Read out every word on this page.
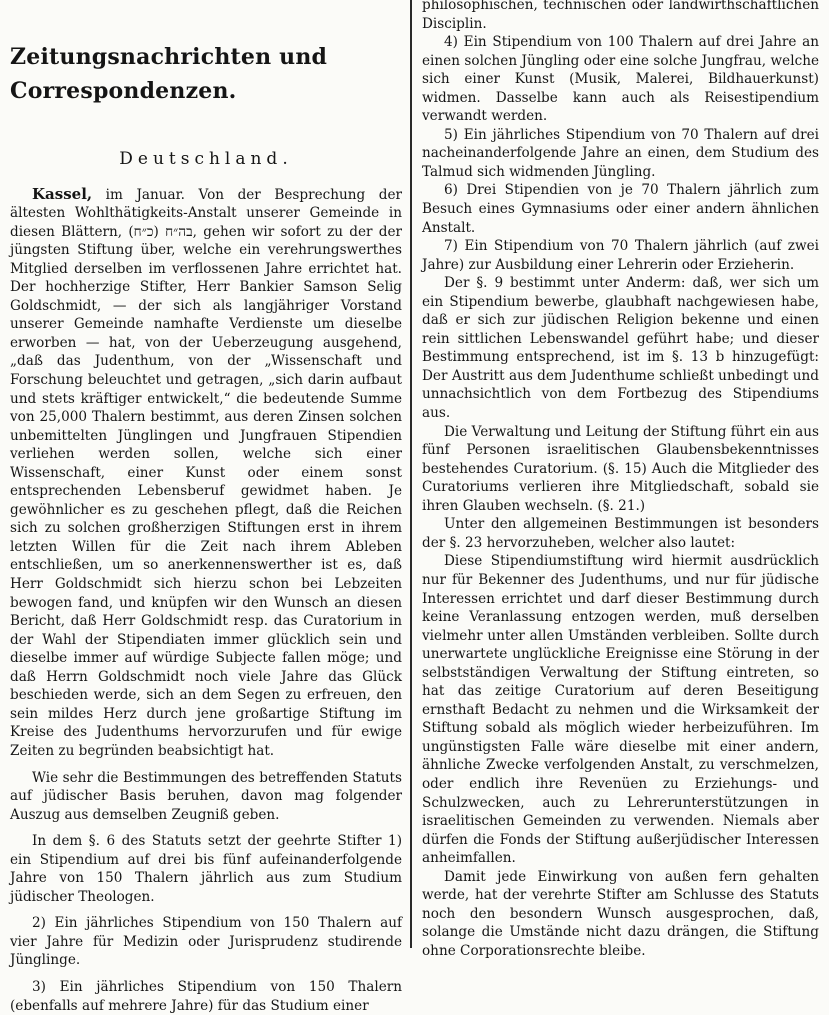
Zeitungsnachrichten und Correspondenzen.
Deutschland.

Kassel, im Januar. Von der Besprechung der ältesten Wohlthätigkeits-Anstalt unserer Gemeinde in diesen Blättern, בה״ח (כ״ח), gehen wir sofort zu der der jüngsten Stiftung über, welche ein verehrungswerthes Mitglied derselben im verflossenen Jahre errichtet hat. Der hochherzige Stifter, Herr Bankier Samson Selig Goldschmidt, — der sich als langjähriger Vorstand unserer Gemeinde namhafte Verdienste um dieselbe erworben — hat, von der Ueberzeugung ausgehend, „daß das Judenthum, von der „Wissenschaft und Forschung beleuchtet und getragen, „sich darin aufbaut und stets kräftiger entwickelt,“ die bedeutende Summe von 25,000 Thalern bestimmt, aus deren Zinsen solchen unbemittelten Jünglingen und Jungfrauen Stipendien verliehen werden sollen, welche sich einer Wissenschaft, einer Kunst oder einem sonst entsprechenden Lebensberuf gewidmet haben. Je gewöhnlicher es zu geschehen pflegt, daß die Reichen sich zu solchen großherzigen Stiftungen erst in ihrem letzten Willen für die Zeit nach ihrem Ableben entschließen, um so anerkennenswerther ist es, daß Herr Goldschmidt sich hierzu schon bei Lebzeiten bewogen fand, und knüpfen wir den Wunsch an diesen Bericht, daß Herr Goldschmidt resp. das Curatorium in der Wahl der Stipendiaten immer glücklich sein und dieselbe immer auf würdige Subjecte fallen möge; und daß Herrn Goldschmidt noch viele Jahre das Glück beschieden werde, sich an dem Segen zu erfreuen, den sein mildes Herz durch jene großartige Stiftung im Kreise des Judenthums hervorzurufen und für ewige Zeiten zu begründen beabsichtigt hat.

Wie sehr die Bestimmungen des betreffenden Statuts auf jüdischer Basis beruhen, davon mag folgender Auszug aus demselben Zeugniß geben.

In dem §. 6 des Statuts setzt der geehrte Stifter 1) ein Stipendium auf drei bis fünf aufeinanderfolgende Jahre von 150 Thalern jährlich aus zum Studium jüdischer Theologen.

2) Ein jährliches Stipendium von 150 Thalern auf vier Jahre für Medizin oder Jurisprudenz studirende Jünglinge.

3) Ein jährliches Stipendium von 150 Thalern (ebenfalls auf mehrere Jahre) für das Studium einer

philosophischen, technischen oder landwirthschaftlichen Disciplin.

4) Ein Stipendium von 100 Thalern auf drei Jahre an einen solchen Jüngling oder eine solche Jungfrau, welche sich einer Kunst (Musik, Malerei, Bildhauerkunst) widmen. Dasselbe kann auch als Reisestipendium verwandt werden.

5) Ein jährliches Stipendium von 70 Thalern auf drei nacheinanderfolgende Jahre an einen, dem Studium des Talmud sich widmenden Jüngling.

6) Drei Stipendien von je 70 Thalern jährlich zum Besuch eines Gymnasiums oder einer andern ähnlichen Anstalt.

7) Ein Stipendium von 70 Thalern jährlich (auf zwei Jahre) zur Ausbildung einer Lehrerin oder Erzieherin.

Der §. 9 bestimmt unter Anderm: daß, wer sich um ein Stipendium bewerbe, glaubhaft nachgewiesen habe, daß er sich zur jüdischen Religion bekenne und einen rein sittlichen Lebenswandel geführt habe; und dieser Bestimmung entsprechend, ist im §. 13 b hinzugefügt: Der Austritt aus dem Judenthume schließt unbedingt und unnachsichtlich von dem Fortbezug des Stipendiums aus.

Die Verwaltung und Leitung der Stiftung führt ein aus fünf Personen israelitischen Glaubensbekenntnisses bestehendes Curatorium. (§. 15) Auch die Mitglieder des Curatoriums verlieren ihre Mitgliedschaft, sobald sie ihren Glauben wechseln. (§. 21.)

Unter den allgemeinen Bestimmungen ist besonders der §. 23 hervorzuheben, welcher also lautet:

Diese Stipendiumstiftung wird hiermit ausdrücklich nur für Bekenner des Judenthums, und nur für jüdische Interessen errichtet und darf dieser Bestimmung durch keine Veranlassung entzogen werden, muß derselben vielmehr unter allen Umständen verbleiben. Sollte durch unerwartete unglückliche Ereignisse eine Störung in der selbstständigen Verwaltung der Stiftung eintreten, so hat das zeitige Curatorium auf deren Beseitigung ernsthaft Bedacht zu nehmen und die Wirksamkeit der Stiftung sobald als möglich wieder herbeizuführen. Im ungünstigsten Falle wäre dieselbe mit einer andern, ähnliche Zwecke verfolgenden Anstalt, zu verschmelzen, oder endlich ihre Revenüen zu Erziehungs- und Schulzwecken, auch zu Lehrerunterstützungen in israelitischen Gemeinden zu verwenden. Niemals aber dürfen die Fonds der Stiftung außerjüdischer Interessen anheimfallen.

Damit jede Einwirkung von außen fern gehalten werde, hat der verehrte Stifter am Schlusse des Statuts noch den besondern Wunsch ausgesprochen, daß, solange die Umstände nicht dazu drängen, die Stiftung ohne Corporationsrechte bleibe.
